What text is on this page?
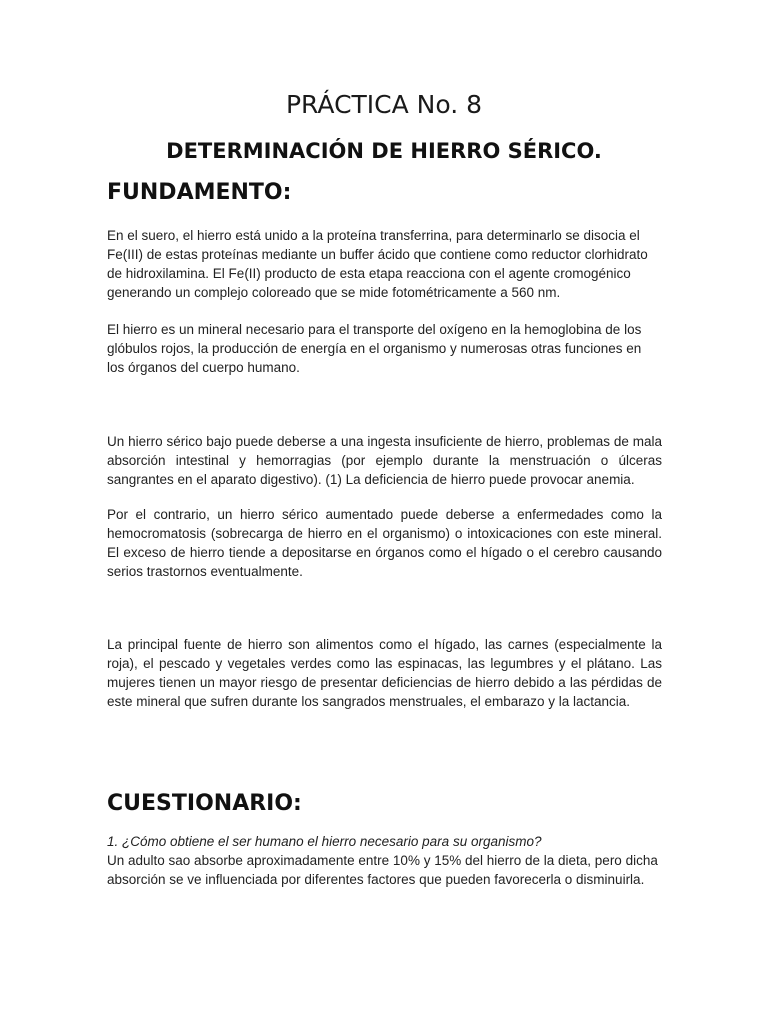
PRÁCTICA No. 8
DETERMINACIÓN DE HIERRO SÉRICO.
FUNDAMENTO:

En el suero, el hierro está unido a la proteína transferrina, para determinarlo se disocia el Fe(III) de estas proteínas mediante un buffer ácido que contiene como reductor clorhidrato de hidroxilamina. El Fe(II) producto de esta etapa reacciona con el agente cromogénico generando un complejo coloreado que se mide fotométricamente a 560 nm.

El hierro es un mineral necesario para el transporte del oxígeno en la hemoglobina de los glóbulos rojos, la producción de energía en el organismo y numerosas otras funciones en los órganos del cuerpo humano.

Un hierro sérico bajo puede deberse a una ingesta insuficiente de hierro, problemas de mala absorción intestinal y hemorragias (por ejemplo durante la menstruación o úlceras sangrantes en el aparato digestivo). (1) La deficiencia de hierro puede provocar anemia.

Por el contrario, un hierro sérico aumentado puede deberse a enfermedades como la hemocromatosis (sobrecarga de hierro en el organismo) o intoxicaciones con este mineral. El exceso de hierro tiende a depositarse en órganos como el hígado o el cerebro causando serios trastornos eventualmente.

La principal fuente de hierro son alimentos como el hígado, las carnes (especialmente la roja), el pescado y vegetales verdes como las espinacas, las legumbres y el plátano. Las mujeres tienen un mayor riesgo de presentar deficiencias de hierro debido a las pérdidas de este mineral que sufren durante los sangrados menstruales, el embarazo y la lactancia.

CUESTIONARIO:

1. ¿Cómo obtiene el ser humano el hierro necesario para su organismo?

Un adulto sao absorbe aproximadamente entre 10% y 15% del hierro de la dieta, pero dicha absorción se ve influenciada por diferentes factores que pueden favorecerla o disminuirla.
